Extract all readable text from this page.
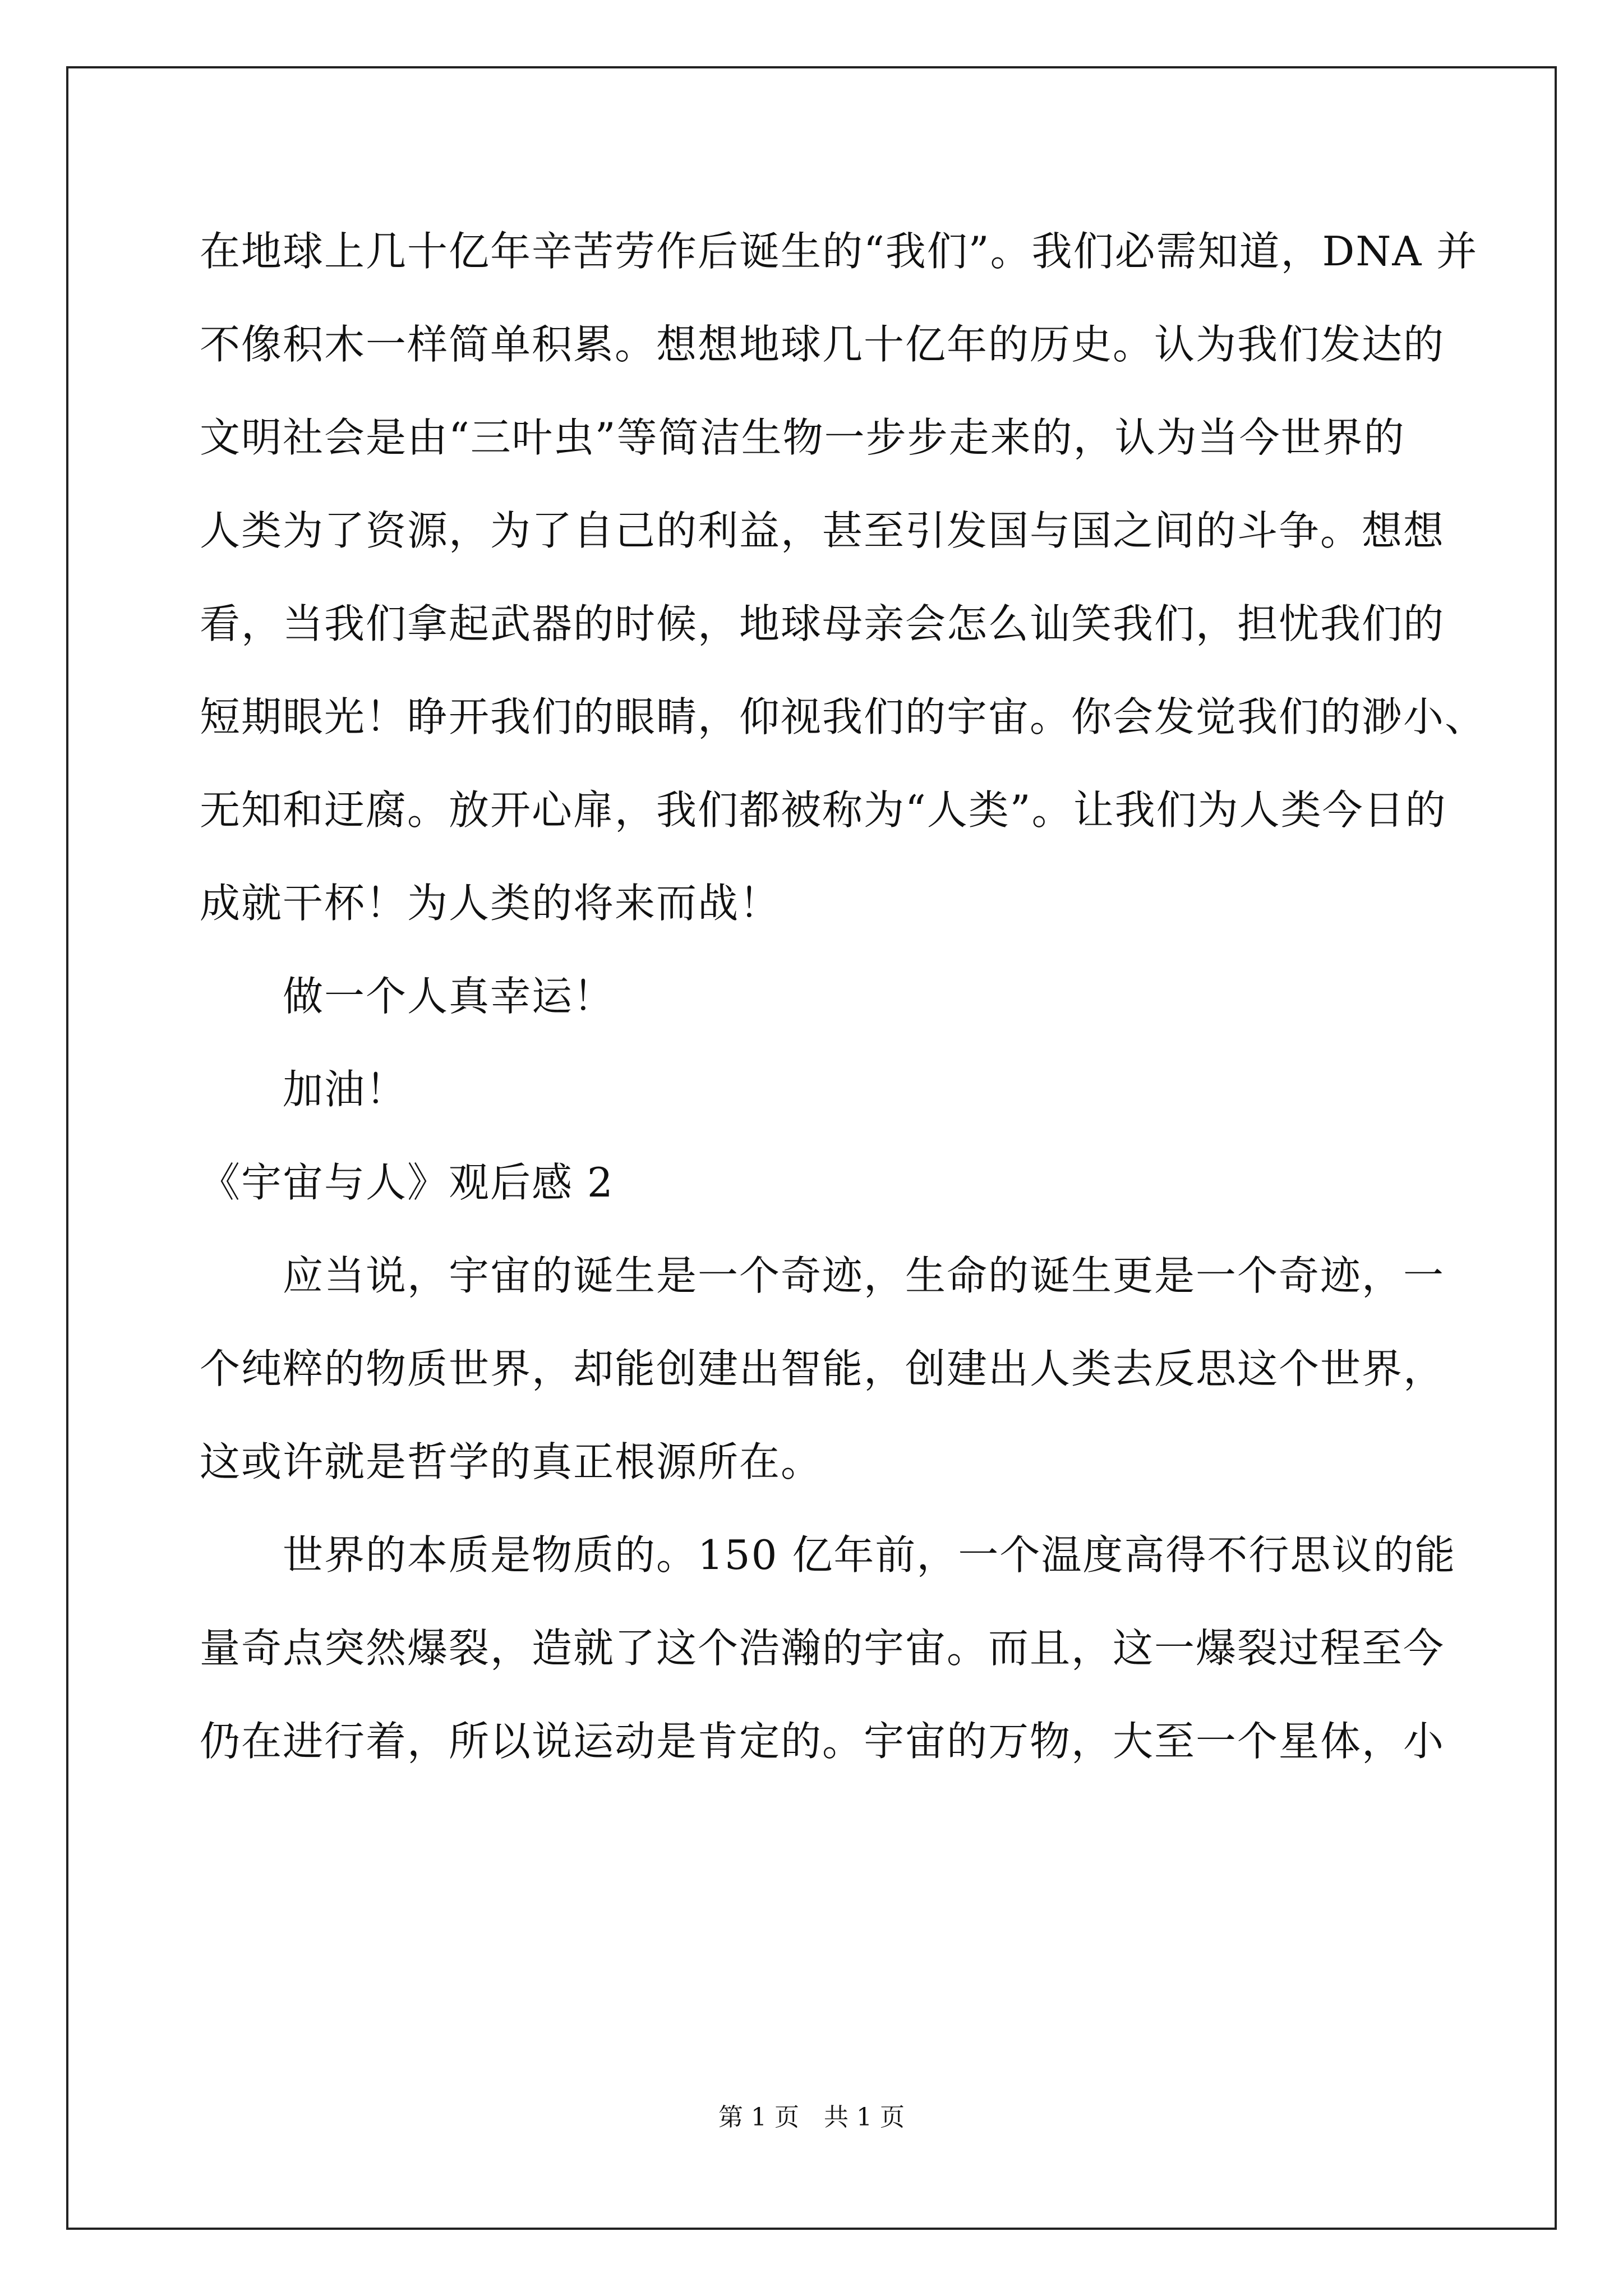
在地球上几十亿年辛苦劳作后诞生的“我们”。我们必需知道，DNA 并
不像积木一样简单积累。想想地球几十亿年的历史。认为我们发达的
文明社会是由“三叶虫”等简洁生物一步步走来的，认为当今世界的
人类为了资源，为了自己的利益，甚至引发国与国之间的斗争。想想
看，当我们拿起武器的时候，地球母亲会怎么讪笑我们，担忧我们的
短期眼光！睁开我们的眼睛，仰视我们的宇宙。你会发觉我们的渺小、
无知和迂腐。放开心扉，我们都被称为“人类”。让我们为人类今日的
成就干杯！为人类的将来而战！
做一个人真幸运！
加油！
《宇宙与人》观后感 2
应当说，宇宙的诞生是一个奇迹，生命的诞生更是一个奇迹，一
个纯粹的物质世界，却能创建出智能，创建出人类去反思这个世界，
这或许就是哲学的真正根源所在。
世界的本质是物质的。150 亿年前，一个温度高得不行思议的能
量奇点突然爆裂，造就了这个浩瀚的宇宙。而且，这一爆裂过程至今
仍在进行着，所以说运动是肯定的。宇宙的万物，大至一个星体，小
第 1 页　共 1 页
